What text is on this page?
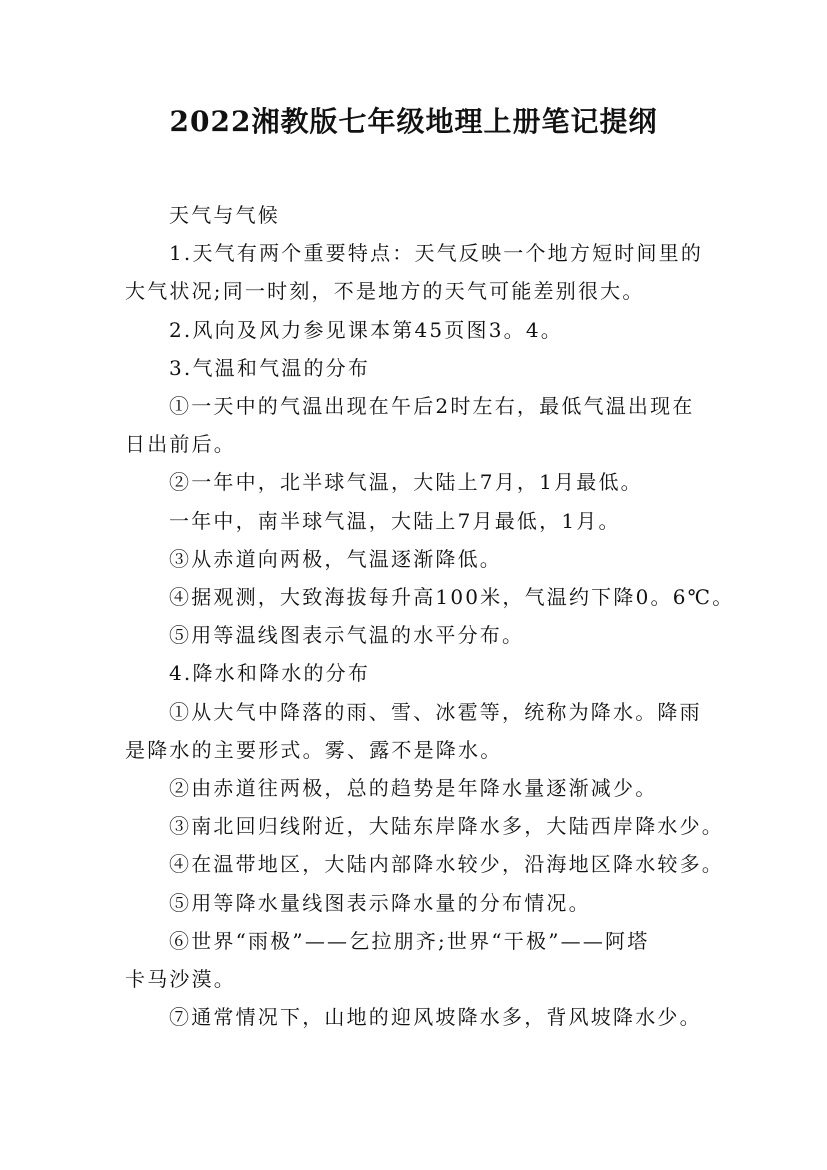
2022湘教版七年级地理上册笔记提纲

天气与气候

1.天气有两个重要特点：天气反映一个地方短时间里的

大气状况;同一时刻，不是地方的天气可能差别很大。

2.风向及风力参见课本第45页图3。4。

3.气温和气温的分布

①一天中的气温出现在午后2时左右，最低气温出现在

日出前后。

②一年中，北半球气温，大陆上7月，1月最低。

一年中，南半球气温，大陆上7月最低，1月。

③从赤道向两极，气温逐渐降低。

④据观测，大致海拔每升高100米，气温约下降0。6℃。

⑤用等温线图表示气温的水平分布。

4.降水和降水的分布

①从大气中降落的雨、雪、冰雹等，统称为降水。降雨

是降水的主要形式。雾、露不是降水。

②由赤道往两极，总的趋势是年降水量逐渐减少。

③南北回归线附近，大陆东岸降水多，大陆西岸降水少。

④在温带地区，大陆内部降水较少，沿海地区降水较多。

⑤用等降水量线图表示降水量的分布情况。

⑥世界“雨极”——乞拉朋齐;世界“干极”——阿塔

卡马沙漠。

⑦通常情况下，山地的迎风坡降水多，背风坡降水少。
